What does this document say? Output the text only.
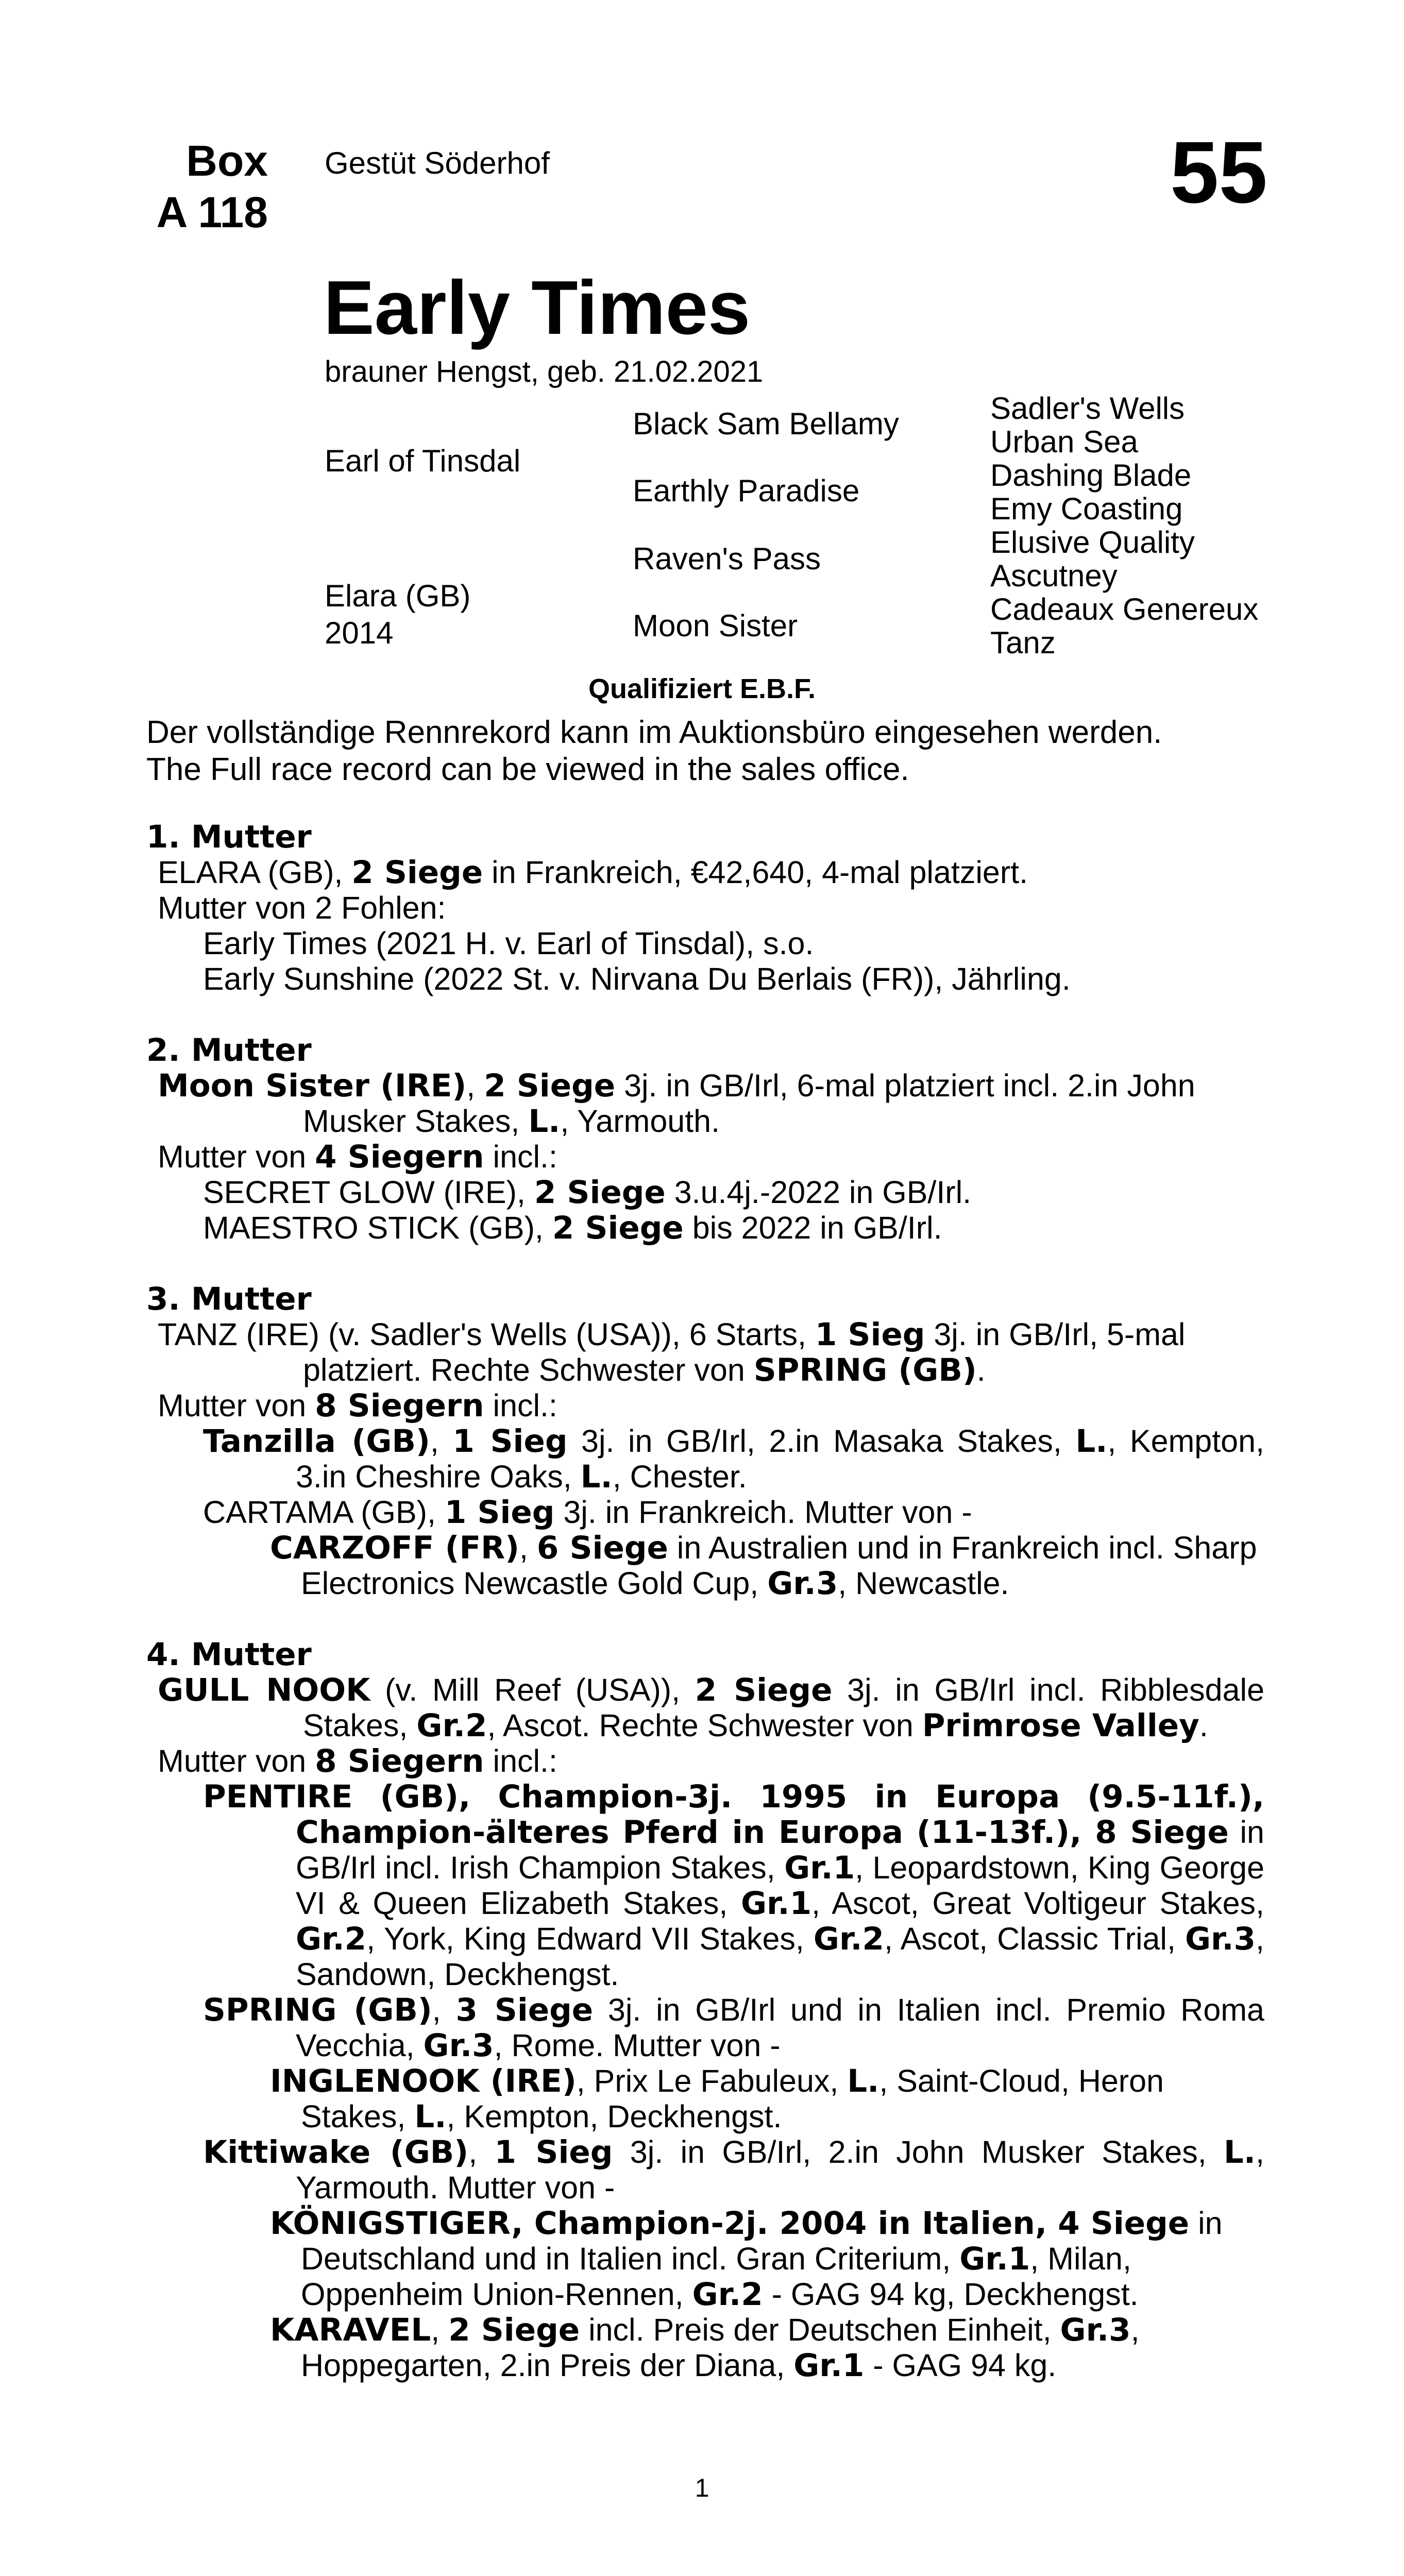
Box
A 118
Gestüt Söderhof	55
Early Times
brauner Hengst, geb. 21.02.2021
Earl of Tinsdal
Elara (GB)
2014
Black Sam Bellamy
Earthly Paradise
Raven's Pass
Moon Sister
Sadler's Wells
Urban Sea
Dashing Blade
Emy Coasting
Elusive Quality
Ascutney
Cadeaux Genereux
Tanz
Qualifiziert E.B.F.
Der vollständige Rennrekord kann im Auktionsbüro eingesehen werden.
The Full race record can be viewed in the sales office.
1. Mutter
ELARA (GB), 2 Siege in Frankreich, €42,640, 4-mal platziert.
Mutter von 2 Fohlen:
Early Times (2021 H. v. Earl of Tinsdal), s.o.
Early Sunshine (2022 St. v. Nirvana Du Berlais (FR)), Jährling.
2. Mutter
Moon Sister (IRE), 2 Siege 3j. in GB/Irl, 6-mal platziert incl. 2.in John Musker Stakes, L., Yarmouth.
Mutter von 4 Siegern incl.:
SECRET GLOW (IRE), 2 Siege 3.u.4j.-2022 in GB/Irl.
MAESTRO STICK (GB), 2 Siege bis 2022 in GB/Irl.
3. Mutter
TANZ (IRE) (v. Sadler's Wells (USA)), 6 Starts, 1 Sieg 3j. in GB/Irl, 5-mal platziert. Rechte Schwester von SPRING (GB).
Mutter von 8 Siegern incl.:
Tanzilla (GB), 1 Sieg 3j. in GB/Irl, 2.in Masaka Stakes, L., Kempton, 3.in Cheshire Oaks, L., Chester.
CARTAMA (GB), 1 Sieg 3j. in Frankreich. Mutter von -
CARZOFF (FR), 6 Siege in Australien und in Frankreich incl. Sharp Electronics Newcastle Gold Cup, Gr.3, Newcastle.
4. Mutter
GULL NOOK (v. Mill Reef (USA)), 2 Siege 3j. in GB/Irl incl. Ribblesdale Stakes, Gr.2, Ascot. Rechte Schwester von Primrose Valley.
Mutter von 8 Siegern incl.:
PENTIRE (GB), Champion-3j. 1995 in Europa (9.5-11f.), Champion-älteres Pferd in Europa (11-13f.), 8 Siege in GB/Irl incl. Irish Champion Stakes, Gr.1, Leopardstown, King George VI & Queen Elizabeth Stakes, Gr.1, Ascot, Great Voltigeur Stakes, Gr.2, York, King Edward VII Stakes, Gr.2, Ascot, Classic Trial, Gr.3, Sandown, Deckhengst.
SPRING (GB), 3 Siege 3j. in GB/Irl und in Italien incl. Premio Roma Vecchia, Gr.3, Rome. Mutter von -
INGLENOOK (IRE), Prix Le Fabuleux, L., Saint-Cloud, Heron Stakes, L., Kempton, Deckhengst.
Kittiwake (GB), 1 Sieg 3j. in GB/Irl, 2.in John Musker Stakes, L., Yarmouth. Mutter von -
KÖNIGSTIGER, Champion-2j. 2004 in Italien, 4 Siege in Deutschland und in Italien incl. Gran Criterium, Gr.1, Milan, Oppenheim Union-Rennen, Gr.2 - GAG 94 kg, Deckhengst.
KARAVEL, 2 Siege incl. Preis der Deutschen Einheit, Gr.3, Hoppegarten, 2.in Preis der Diana, Gr.1 - GAG 94 kg.
1
